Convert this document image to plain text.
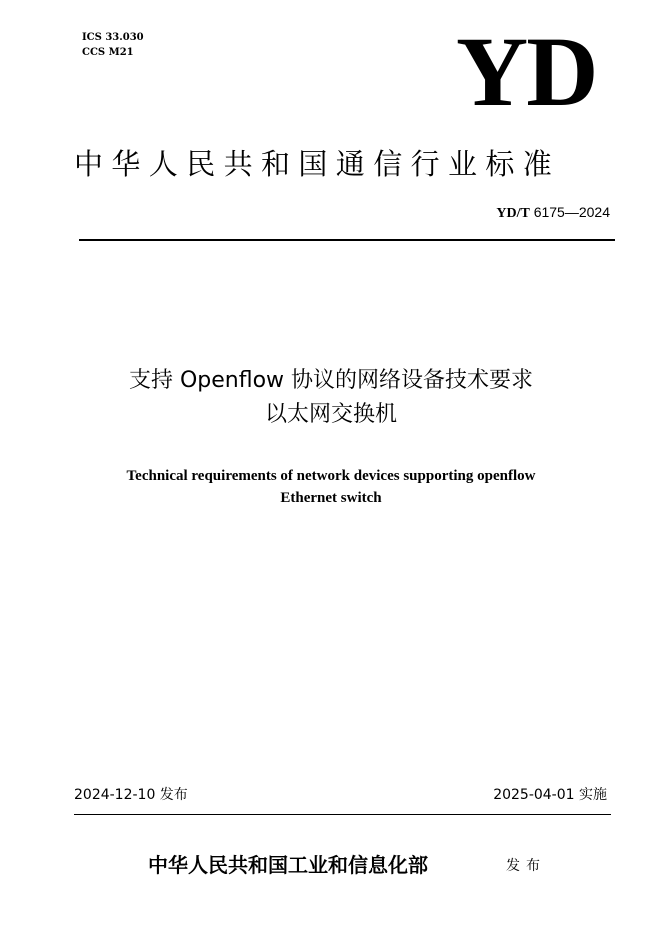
ICS 33.030
CCS M21	YD
中华人民共和国通信行业标准
YD/T 6175—2024
支持 Openflow 协议的网络设备技术要求
以太网交换机
Technical requirements of network devices supporting openflow
Ethernet switch
2024-12-10 发布	2025-04-01 实施
中华人民共和国工业和信息化部	发布
